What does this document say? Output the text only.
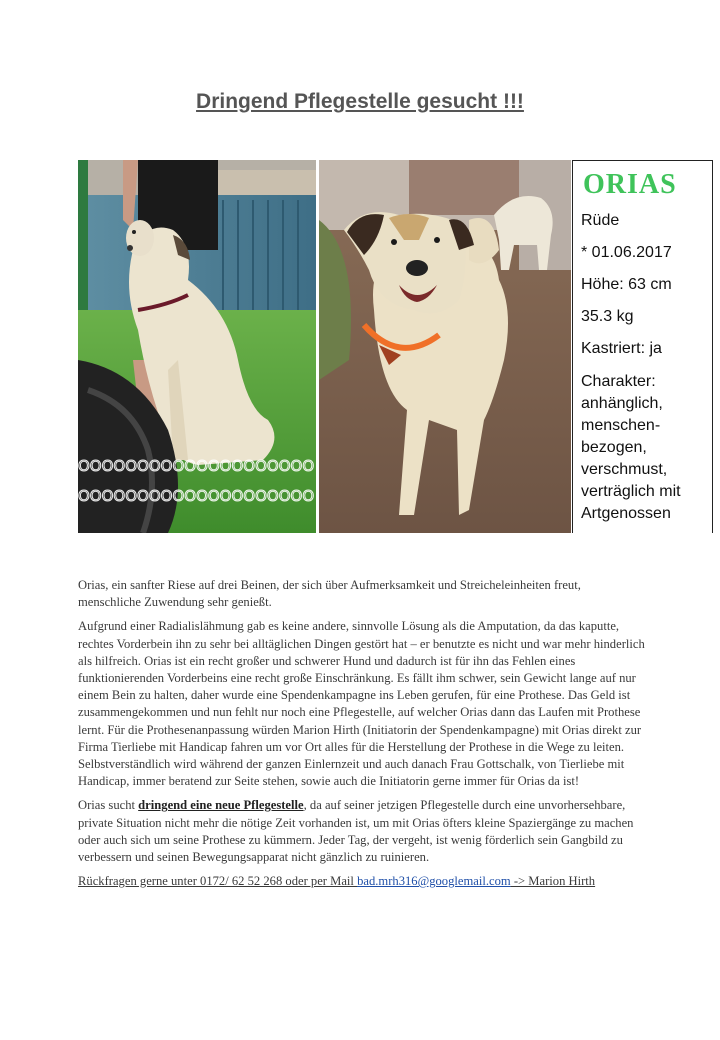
Dringend Pflegestelle gesucht !!!
OOOOOOOOOOOOOOOOOOOO
OOOOOOOOOOOOOOOOOOOO
ORIAS
Rüde
* 01.06.2017
Höhe: 63 cm
35.3 kg
Kastriert: ja
Charakter:
anhänglich,
menschen-
bezogen,
verschmust,
verträglich mit
Artgenossen

Orias, ein sanfter Riese auf drei Beinen, der sich über Aufmerksamkeit und Streicheleinheiten freut, menschliche Zuwendung sehr genießt.

Aufgrund einer Radialislähmung gab es keine andere, sinnvolle Lösung als die Amputation, da das kaputte, rechtes Vorderbein ihn zu sehr bei alltäglichen Dingen gestört hat – er benutzte es nicht und war mehr hinderlich als hilfreich. Orias ist ein recht großer und schwerer Hund und dadurch ist für ihn das Fehlen eines funktionierenden Vorderbeins eine recht große Einschränkung. Es fällt ihm schwer, sein Gewicht lange auf nur einem Bein zu halten, daher wurde eine Spendenkampagne ins Leben gerufen, für eine Prothese. Das Geld ist zusammengekommen und nun fehlt nur noch eine Pflegestelle, auf welcher Orias dann das Laufen mit Prothese lernt. Für die Prothesenanpassung würden Marion Hirth (Initiatorin der Spendenkampagne) mit Orias direkt zur Firma Tierliebe mit Handicap fahren um vor Ort alles für die Herstellung der Prothese in die Wege zu leiten. Selbstverständlich wird während der ganzen Einlernzeit und auch danach Frau Gottschalk, von Tierliebe mit Handicap, immer beratend zur Seite stehen, sowie auch die Initiatorin gerne immer für Orias da ist!

Orias sucht dringend eine neue Pflegestelle, da auf seiner jetzigen Pflegestelle durch eine unvorhersehbare, private Situation nicht mehr die nötige Zeit vorhanden ist, um mit Orias öfters kleine Spaziergänge zu machen oder auch sich um seine Prothese zu kümmern. Jeder Tag, der vergeht, ist wenig förderlich sein Gangbild zu verbessern und seinen Bewegungsapparat nicht gänzlich zu ruinieren.

Rückfragen gerne unter 0172/ 62 52 268 oder per Mail bad.mrh316@googlemail.com -> Marion Hirth
